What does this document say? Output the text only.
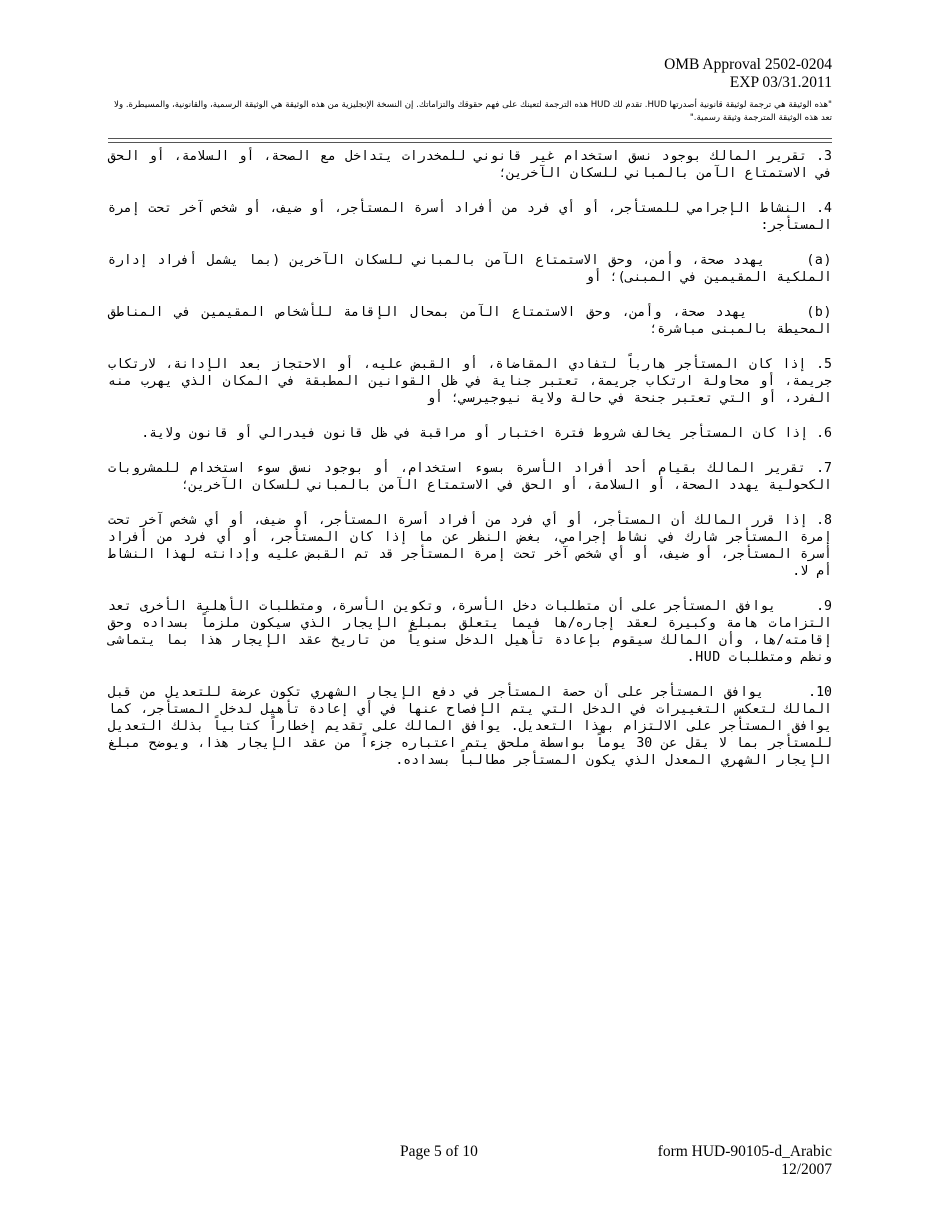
OMB Approval 2502-0204
EXP 03/31.2011
"هذه الوثيقة هي ترجمة لوثيقة قانونية أصدرتها HUD. تقدم لك HUD هذه الترجمة لتعينك على فهم حقوقك والتزاماتك. إن النسخة الإنجليزية من هذه الوثيقة هي الوثيقة الرسمية، والقانونية، والمسيطرة. ولا تعد هذه الوثيقة المترجمة وثيقة رسمية."

3. تقرير المالك بوجود نسق استخدام غير قانوني للمخدرات يتداخل مع الصحة، أو السلامة، أو الحق في الاستمتاع الآمن بالمباني للسكان الآخرين؛

4. النشاط الإجرامي للمستأجر، أو أي فرد من أفراد أسرة المستأجر، أو ضيف، أو شخص آخر تحت إمرة المستأجر:

(a)    يهدد صحة، وأمن، وحق الاستمتاع الآمن بالمباني للسكان الآخرين (بما يشمل أفراد إدارة الملكية المقيمين في المبنى)؛ أو

(b)     يهدد صحة، وأمن، وحق الاستمتاع الآمن بمحال الإقامة للأشخاص المقيمين في المناطق المحيطة بالمبنى مباشرة؛

5. إذا كان المستأجر هارباً لتفادي المقاضاة، أو القبض عليه، أو الاحتجاز بعد الإدانة، لارتكاب جريمة، أو محاولة ارتكاب جريمة، تعتبر جناية في ظل القوانين المطبقة في المكان الذي يهرب منه الفرد، أو التي تعتبر جنحة في حالة ولاية نيوجيرسي؛ أو

6. إذا كان المستأجر يخالف شروط فترة اختبار أو مراقبة في ظل قانون فيدرالي أو قانون ولاية.

7. تقرير المالك بقيام أحد أفراد الأسرة بسوء استخدام، أو بوجود نسق سوء استخدام للمشروبات الكحولية يهدد الصحة، أو السلامة، أو الحق في الاستمتاع الآمن بالمباني للسكان الآخرين؛

8. إذا قرر المالك أن المستأجر، أو أي فرد من أفراد أسرة المستأجر، أو ضيف، أو أي شخص آخر تحت إمرة المستأجر شارك في نشاط إجرامي، بغض النظر عن ما إذا كان المستأجر، أو أي فرد من أفراد أسرة المستأجر، أو ضيف، أو أي شخص آخر تحت إمرة المستأجر قد تم القبض عليه وإدانته لهذا النشاط أم لا.

9.     يوافق المستأجر على أن متطلبات دخل الأسرة، وتكوين الأسرة، ومتطلبات الأهلية الأخرى تعد التزامات هامة وكبيرة لعقد إجاره/ها فيما يتعلق بمبلغ الإيجار الذي سيكون ملزماً بسداده وحق إقامته/ها، وأن المالك سيقوم بإعادة تأهيل الدخل سنوياً من تاريخ عقد الإيجار هذا بما يتماشى ونظم ومتطلبات HUD.

10.     يوافق المستأجر على أن حصة المستأجر في دفع الإيجار الشهري تكون عرضة للتعديل من قبل المالك لتعكس التغييرات في الدخل التي يتم الإفصاح عنها في أي إعادة تأهيل لدخل المستأجر، كما يوافق المستأجر على الالتزام بهذا التعديل. يوافق المالك على تقديم إخطاراً كتابياً بذلك التعديل للمستأجر بما لا يقل عن 30 يوماً بواسطة ملحق يتم اعتباره جزءاً من عقد الإيجار هذا، ويوضح مبلغ الإيجار الشهري المعدل الذي يكون المستأجر مطالباً بسداده.

Page 5 of 10	form HUD-90105-d_Arabic
12/2007
